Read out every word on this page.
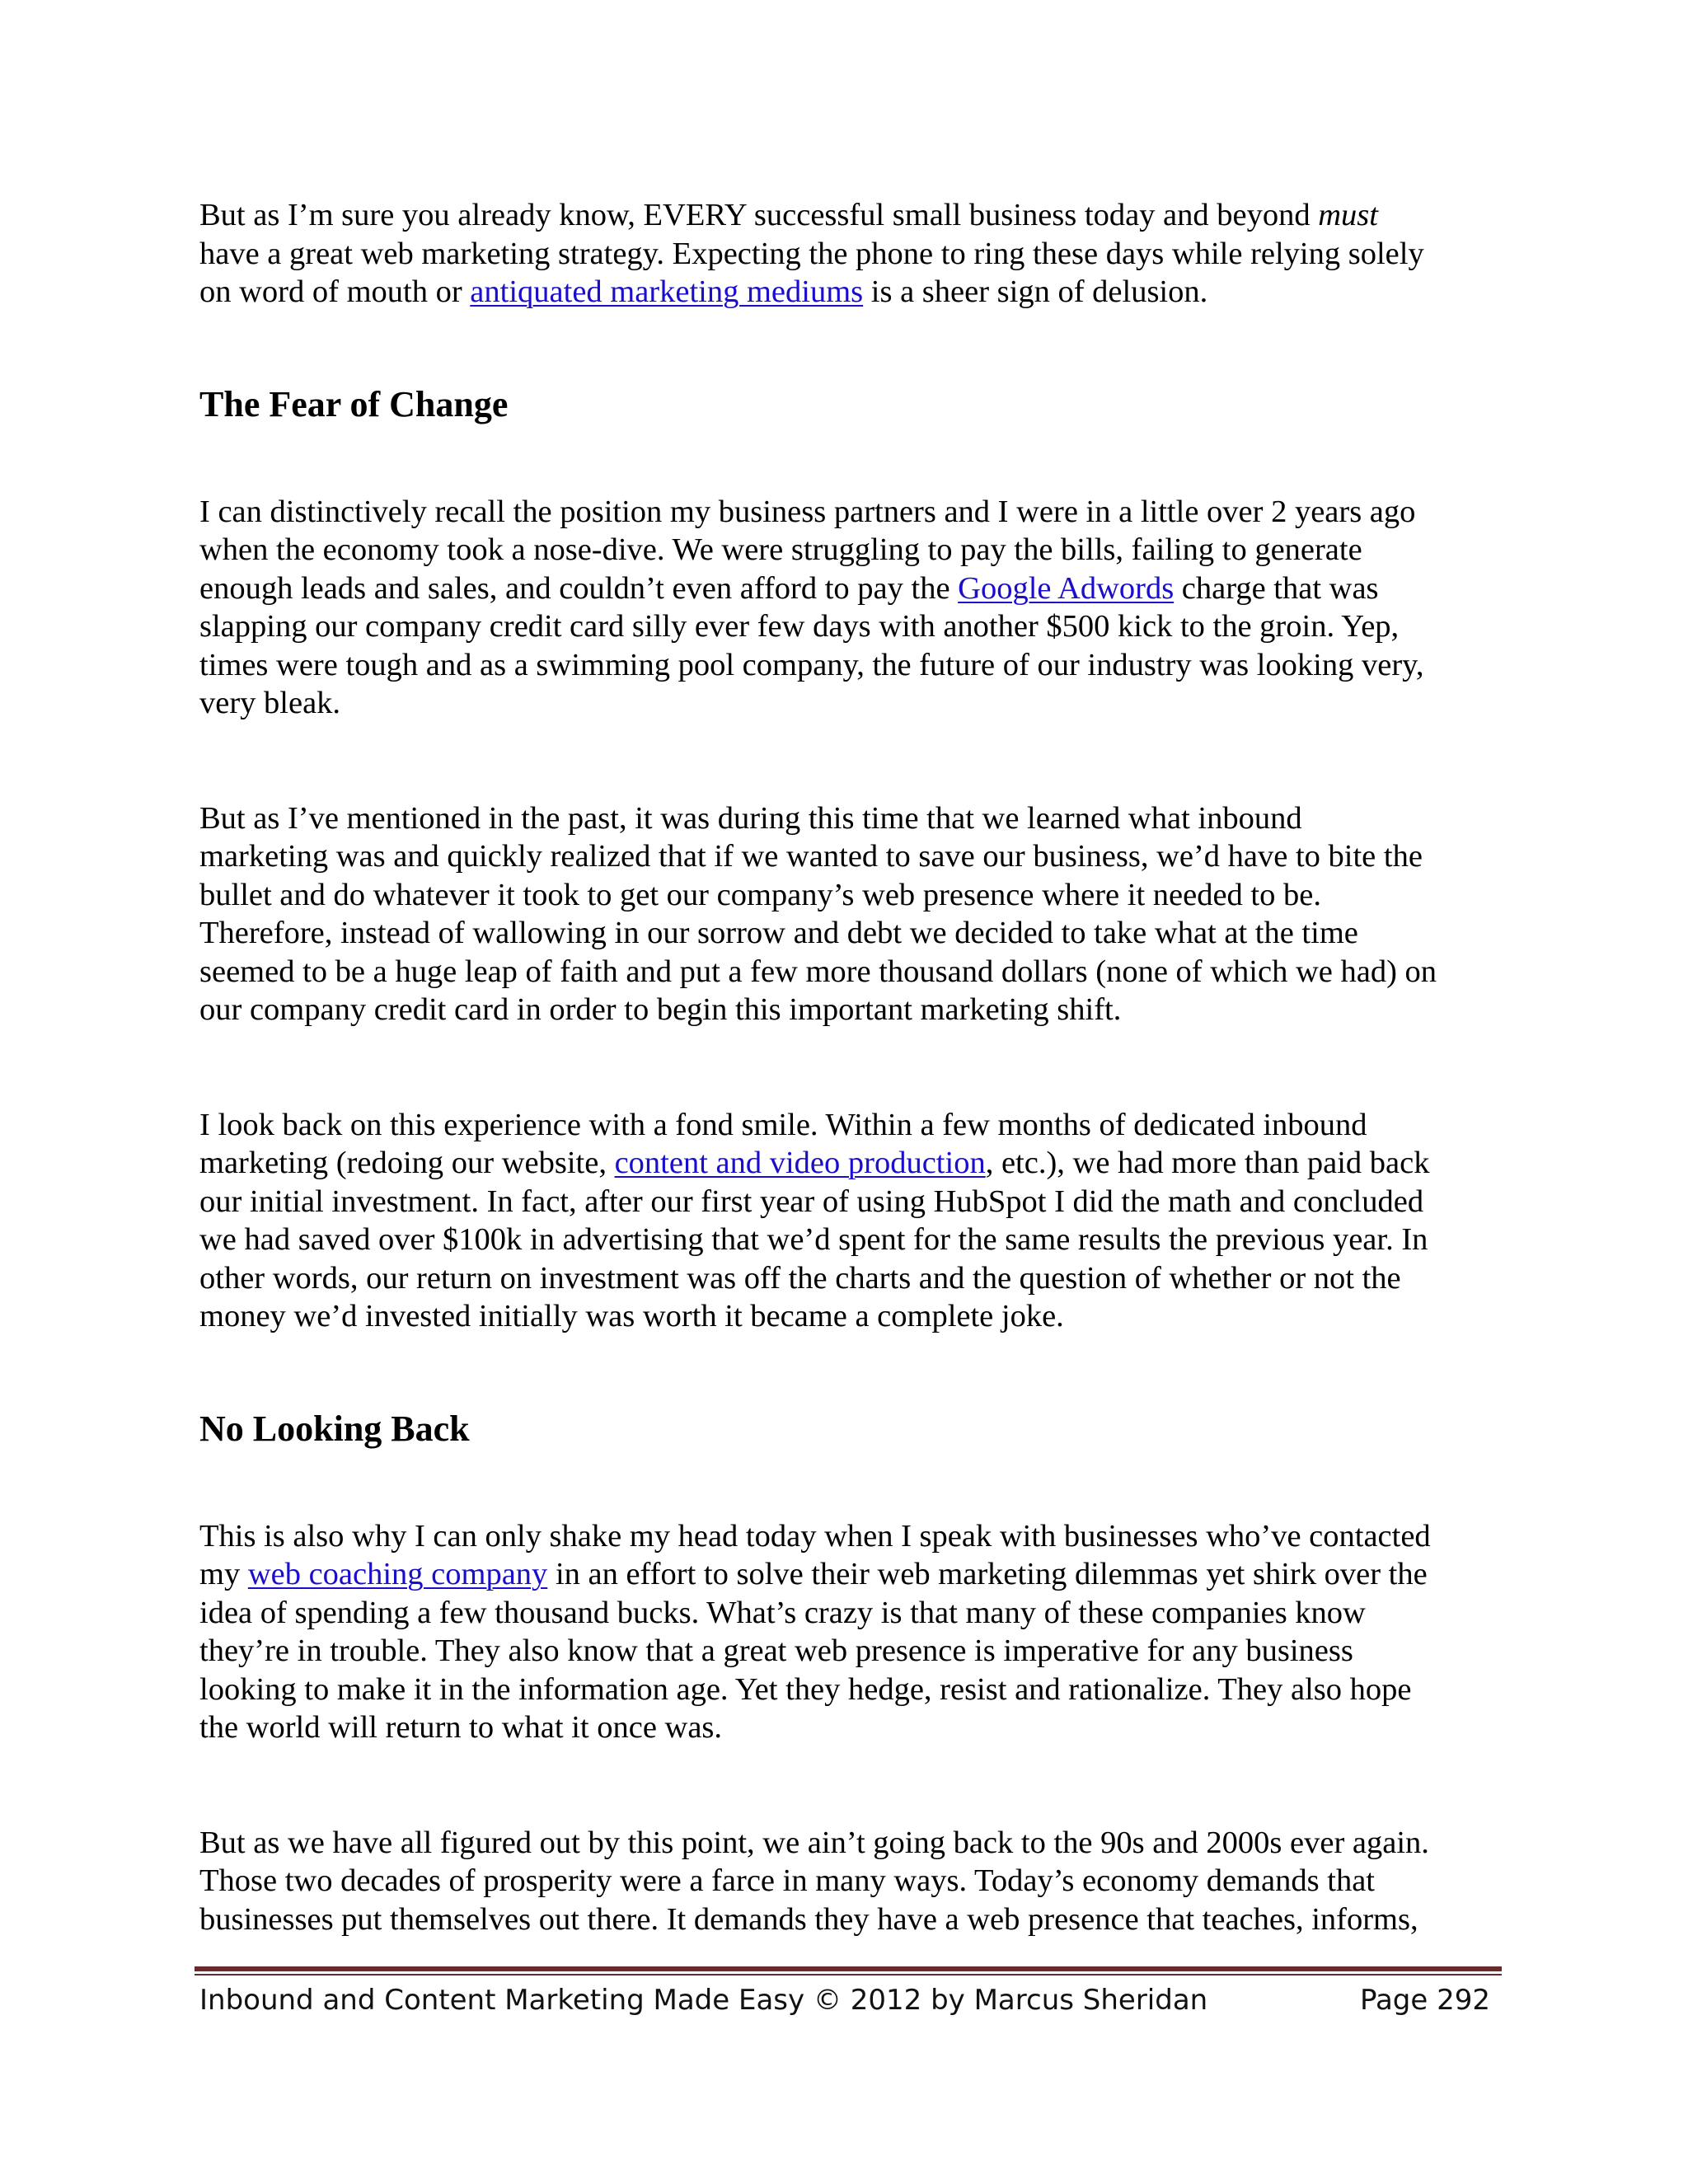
But as I’m sure you already know, EVERY successful small business today and beyond must
have a great web marketing strategy. Expecting the phone to ring these days while relying solely
on word of mouth or antiquated marketing mediums is a sheer sign of delusion.

The Fear of Change

I can distinctively recall the position my business partners and I were in a little over 2 years ago
when the economy took a nose-dive. We were struggling to pay the bills, failing to generate
enough leads and sales, and couldn’t even afford to pay the Google Adwords charge that was
slapping our company credit card silly ever few days with another $500 kick to the groin. Yep,
times were tough and as a swimming pool company, the future of our industry was looking very,
very bleak.

But as I’ve mentioned in the past, it was during this time that we learned what inbound
marketing was and quickly realized that if we wanted to save our business, we’d have to bite the
bullet and do whatever it took to get our company’s web presence where it needed to be.
Therefore, instead of wallowing in our sorrow and debt we decided to take what at the time
seemed to be a huge leap of faith and put a few more thousand dollars (none of which we had) on
our company credit card in order to begin this important marketing shift.

I look back on this experience with a fond smile. Within a few months of dedicated inbound
marketing (redoing our website, content and video production, etc.), we had more than paid back
our initial investment. In fact, after our first year of using HubSpot I did the math and concluded
we had saved over $100k in advertising that we’d spent for the same results the previous year. In
other words, our return on investment was off the charts and the question of whether or not the
money we’d invested initially was worth it became a complete joke.

No Looking Back

This is also why I can only shake my head today when I speak with businesses who’ve contacted
my web coaching company in an effort to solve their web marketing dilemmas yet shirk over the
idea of spending a few thousand bucks. What’s crazy is that many of these companies know
they’re in trouble. They also know that a great web presence is imperative for any business
looking to make it in the information age. Yet they hedge, resist and rationalize. They also hope
the world will return to what it once was.

But as we have all figured out by this point, we ain’t going back to the 90s and 2000s ever again.
Those two decades of prosperity were a farce in many ways. Today’s economy demands that
businesses put themselves out there. It demands they have a web presence that teaches, informs,

Inbound and Content Marketing Made Easy © 2012 by Marcus Sheridan	Page 292
